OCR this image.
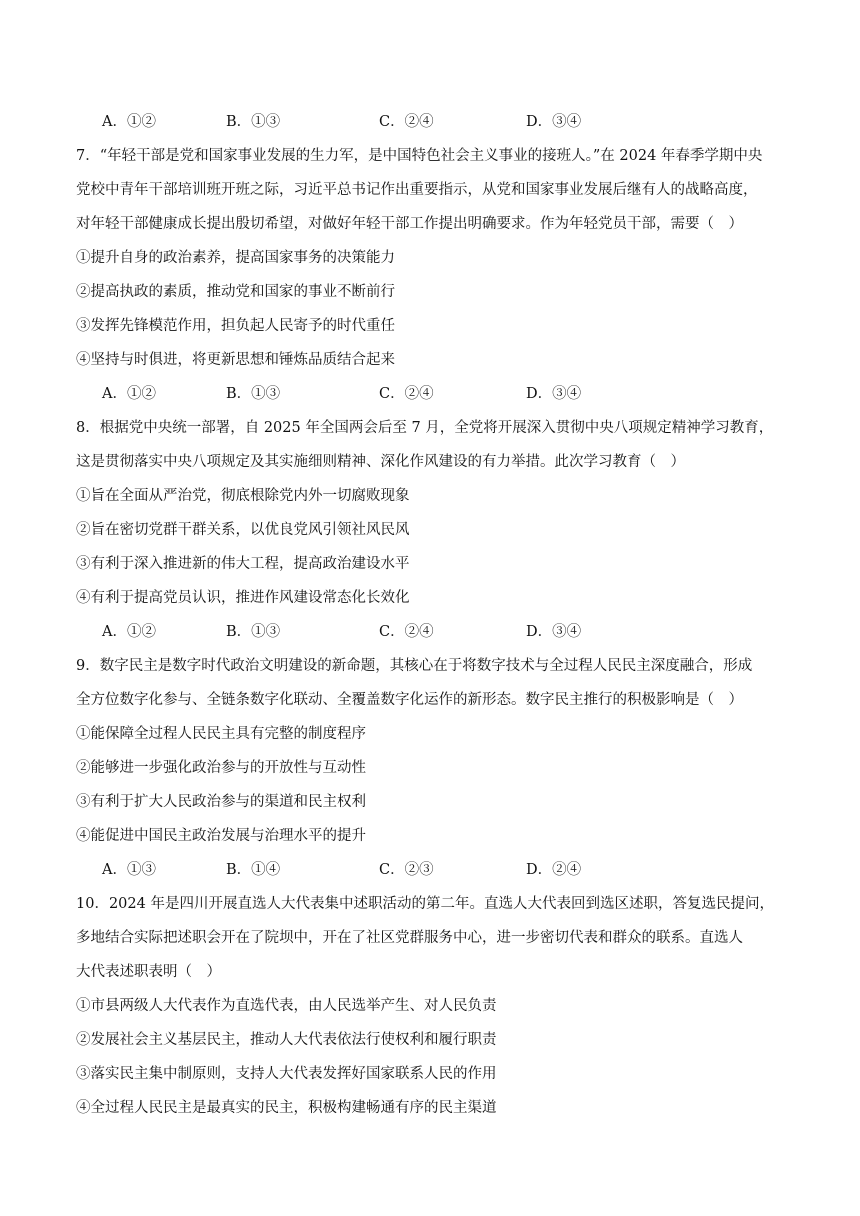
A．①②	B．①③	C．②④	D．③④
7．“年轻干部是党和国家事业发展的生力军，是中国特色社会主义事业的接班人。”在 2024 年春季学期中央
党校中青年干部培训班开班之际，习近平总书记作出重要指示，从党和国家事业发展后继有人的战略高度，
对年轻干部健康成长提出殷切希望，对做好年轻干部工作提出明确要求。作为年轻党员干部，需要（　）
①提升自身的政治素养，提高国家事务的决策能力
②提高执政的素质，推动党和国家的事业不断前行
③发挥先锋模范作用，担负起人民寄予的时代重任
④坚持与时俱进，将更新思想和锤炼品质结合起来
A．①②	B．①③	C．②④	D．③④
8．根据党中央统一部署，自 2025 年全国两会后至 7 月，全党将开展深入贯彻中央八项规定精神学习教育，
这是贯彻落实中央八项规定及其实施细则精神、深化作风建设的有力举措。此次学习教育（　）
①旨在全面从严治党，彻底根除党内外一切腐败现象
②旨在密切党群干群关系，以优良党风引领社风民风
③有利于深入推进新的伟大工程，提高政治建设水平
④有利于提高党员认识，推进作风建设常态化长效化
A．①②	B．①③	C．②④	D．③④
9．数字民主是数字时代政治文明建设的新命题，其核心在于将数字技术与全过程人民民主深度融合，形成
全方位数字化参与、全链条数字化联动、全覆盖数字化运作的新形态。数字民主推行的积极影响是（　）
①能保障全过程人民民主具有完整的制度程序
②能够进一步强化政治参与的开放性与互动性
③有利于扩大人民政治参与的渠道和民主权利
④能促进中国民主政治发展与治理水平的提升
A．①③	B．①④	C．②③	D．②④
10．2024 年是四川开展直选人大代表集中述职活动的第二年。直选人大代表回到选区述职，答复选民提问，
多地结合实际把述职会开在了院坝中，开在了社区党群服务中心，进一步密切代表和群众的联系。直选人
大代表述职表明（　）
①市县两级人大代表作为直选代表，由人民选举产生、对人民负责
②发展社会主义基层民主，推动人大代表依法行使权利和履行职责
③落实民主集中制原则，支持人大代表发挥好国家联系人民的作用
④全过程人民民主是最真实的民主，积极构建畅通有序的民主渠道
